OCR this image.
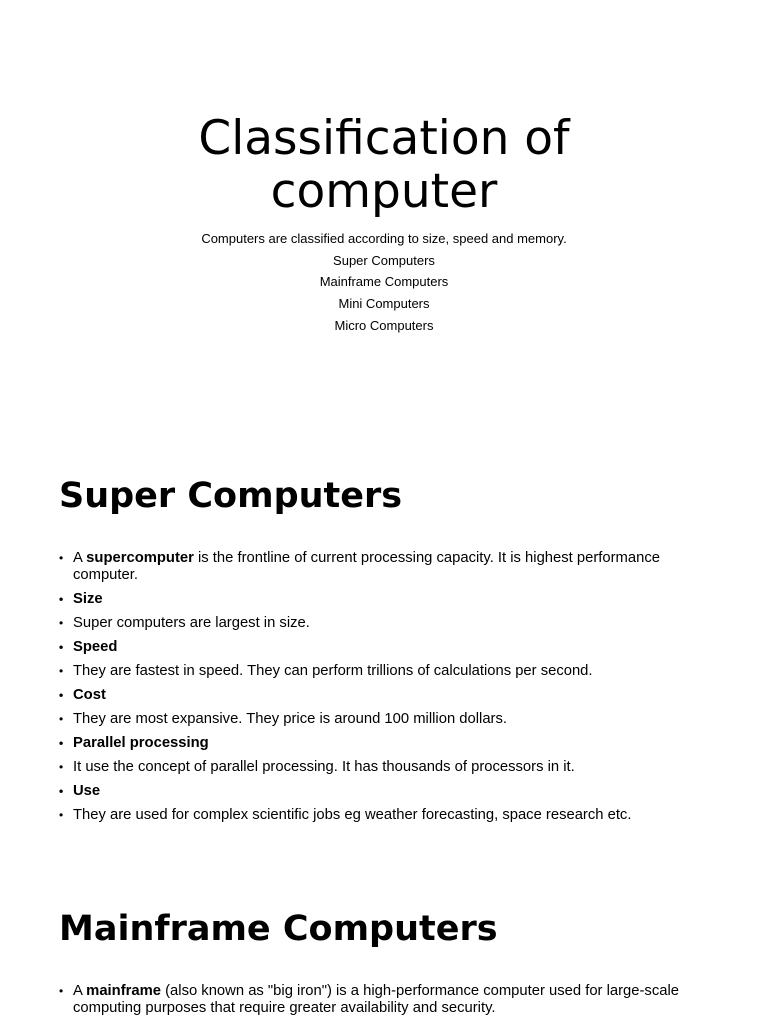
Classification of
computer
Computers are classified according to size, speed and memory.
Super Computers
Mainframe Computers
Mini Computers
Micro Computers
Super Computers
• A supercomputer is the frontline of current processing capacity. It is highest performance computer.
• Size
• Super computers are largest in size.
• Speed
• They are fastest in speed. They can perform trillions of calculations per second.
• Cost
• They are most expansive. They price is around 100 million dollars.
• Parallel processing
• It use the concept of parallel processing. It has thousands of processors in it.
• Use
• They are used for complex scientific jobs eg weather forecasting, space research etc.
Mainframe Computers
• A mainframe (also known as "big iron") is a high-performance computer used for large-scale computing purposes that require greater availability and security.
